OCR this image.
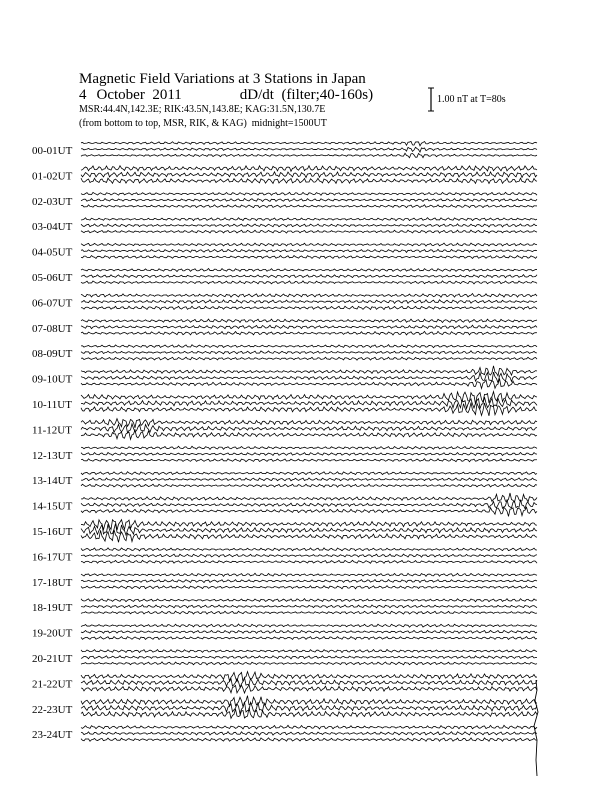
Magnetic Field Variations at 3 Stations in Japan
4 October 2011	dD/dt (filter;40-160s)
MSR:44.4N,142.3E; RIK:43.5N,143.8E; KAG:31.5N,130.7E
(from bottom to top, MSR, RIK, & KAG) midnight=1500UT
1.00 nT at T=80s
00-01UT
01-02UT
02-03UT
03-04UT
04-05UT
05-06UT
06-07UT
07-08UT
08-09UT
09-10UT
10-11UT
11-12UT
12-13UT
13-14UT
14-15UT
15-16UT
16-17UT
17-18UT
18-19UT
19-20UT
20-21UT
21-22UT
22-23UT
23-24UT
